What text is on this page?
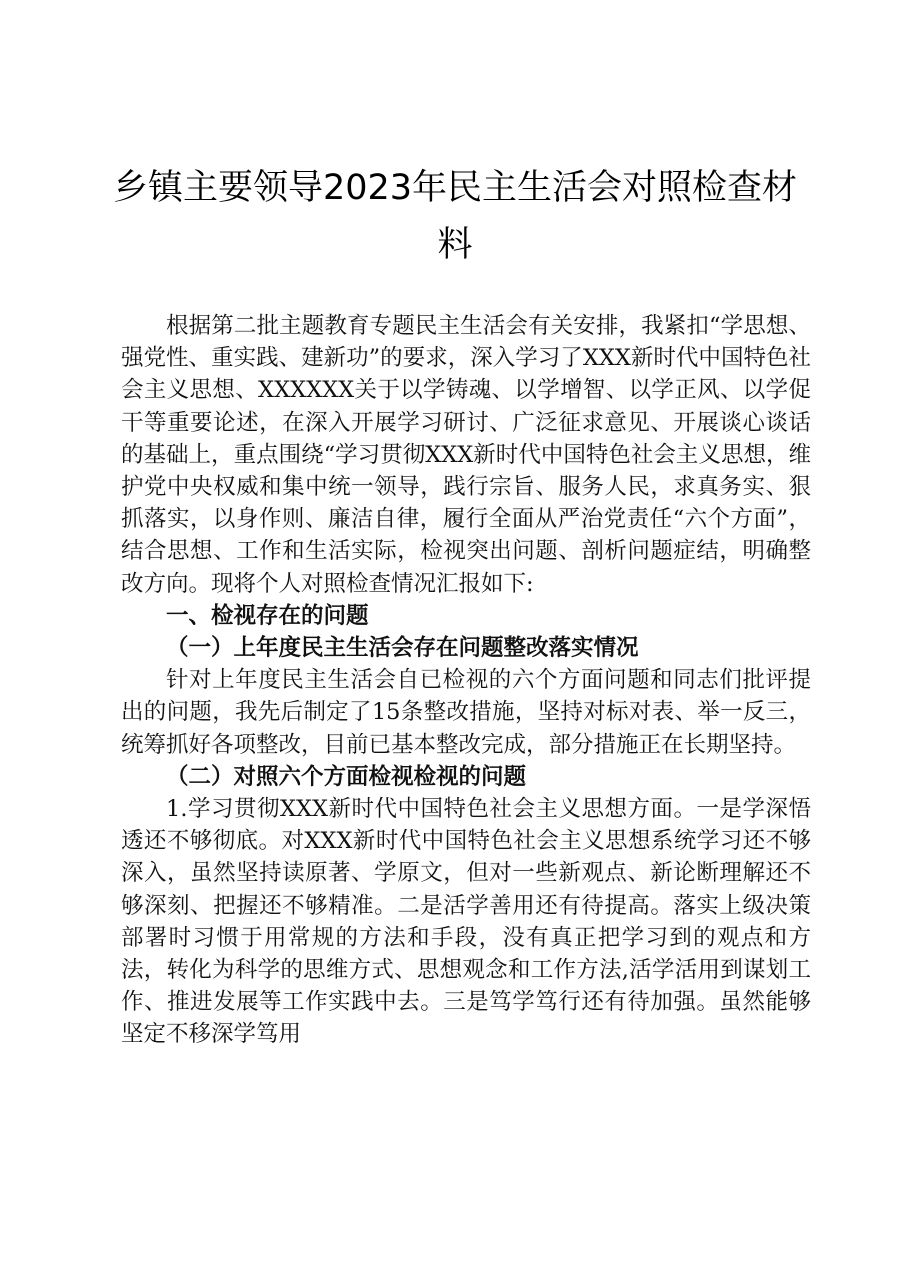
乡镇主要领导2023年民主生活会对照检查材料

根据第二批主题教育专题民主生活会有关安排，我紧扣“学思想、强党性、重实践、建新功”的要求，深入学习了XXX新时代中国特色社会主义思想、XXXXXX关于以学铸魂、以学增智、以学正风、以学促干等重要论述，在深入开展学习研讨、广泛征求意见、开展谈心谈话的基础上，重点围绕“学习贯彻XXX新时代中国特色社会主义思想，维护党中央权威和集中统一领导，践行宗旨、服务人民，求真务实、狠抓落实，以身作则、廉洁自律，履行全面从严治党责任“六个方面”，结合思想、工作和生活实际，检视突出问题、剖析问题症结，明确整改方向。现将个人对照检查情况汇报如下:

一、检视存在的问题

（一）上年度民主生活会存在问题整改落实情况

针对上年度民主生活会自已检视的六个方面问题和同志们批评提出的问题，我先后制定了15条整改措施，坚持对标对表、举一反三，统筹抓好各项整改，目前已基本整改完成，部分措施正在长期坚持。

（二）对照六个方面检视检视的问题

1.学习贯彻XXX新时代中国特色社会主义思想方面。一是学深悟透还不够彻底。对XXX新时代中国特色社会主义思想系统学习还不够深入，虽然坚持读原著、学原文，但对一些新观点、新论断理解还不够深刻、把握还不够精准。二是活学善用还有待提高。落实上级决策部署时习惯于用常规的方法和手段，没有真正把学习到的观点和方法，转化为科学的思维方式、思想观念和工作方法,活学活用到谋划工作、推进发展等工作实践中去。三是笃学笃行还有待加强。虽然能够坚定不移深学笃用
